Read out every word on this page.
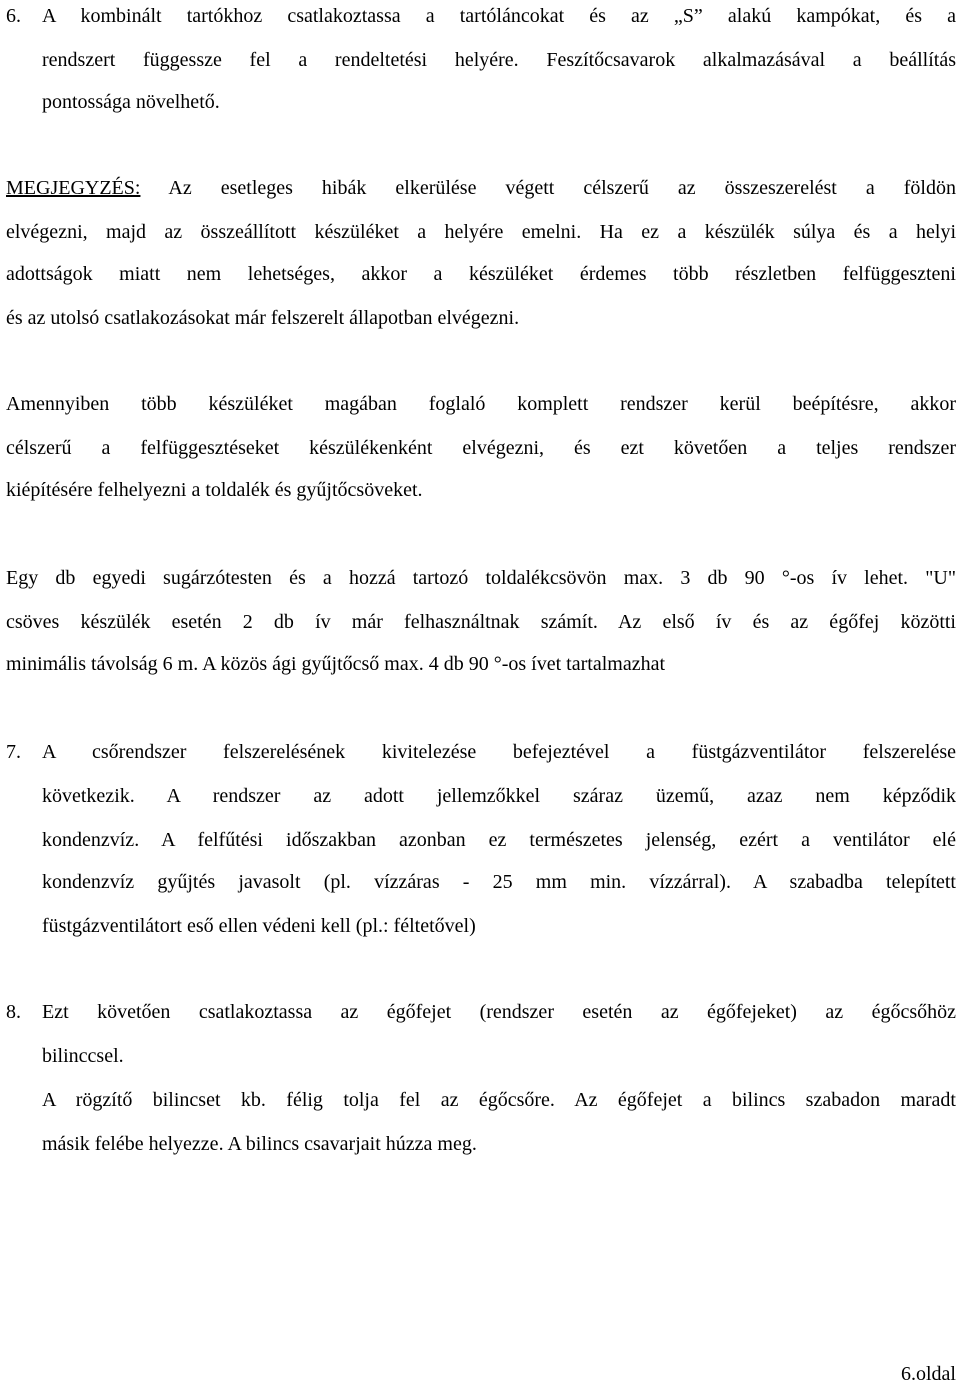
6. A kombinált tartókhoz csatlakoztassa a tartóláncokat és az „S” alakú kampókat, és a
rendszert függessze fel a rendeltetési helyére. Feszítőcsavarok alkalmazásával a beállítás
pontossága növelhető.
MEGJEGYZÉS: Az esetleges hibák elkerülése végett célszerű az összeszerelést a földön
elvégezni, majd az összeállított készüléket a helyére emelni. Ha ez a készülék súlya és a helyi
adottságok miatt nem lehetséges, akkor a készüléket érdemes több részletben felfüggeszteni
és az utolsó csatlakozásokat már felszerelt állapotban elvégezni.
Amennyiben több készüléket magában foglaló komplett rendszer kerül beépítésre, akkor
célszerű a felfüggesztéseket készülékenként elvégezni, és ezt követően a teljes rendszer
kiépítésére felhelyezni a toldalék és gyűjtőcsöveket.
Egy db egyedi sugárzótesten és a hozzá tartozó toldalékcsövön max. 3 db 90 °-os ív lehet. "U"
csöves készülék esetén 2 db ív már felhasználtnak számít. Az első ív és az égőfej közötti
minimális távolság 6 m. A közös ági gyűjtőcső max. 4 db 90 °-os ívet tartalmazhat
7. A csőrendszer felszerelésének kivitelezése befejeztével a füstgázventilátor felszerelése
következik. A rendszer az adott jellemzőkkel száraz üzemű, azaz nem képződik
kondenzvíz. A felfűtési időszakban azonban ez természetes jelenség, ezért a ventilátor elé
kondenzvíz gyűjtés javasolt (pl. vízzáras - 25 mm min. vízzárral). A szabadba telepített
füstgázventilátort eső ellen védeni kell (pl.: féltetővel)
8. Ezt követően csatlakoztassa az égőfejet (rendszer esetén az égőfejeket) az égőcsőhöz
bilinccsel.
A rögzítő bilincset kb. félig tolja fel az égőcsőre. Az égőfejet a bilincs szabadon maradt
másik felébe helyezze. A bilincs csavarjait húzza meg.
6.oldal
